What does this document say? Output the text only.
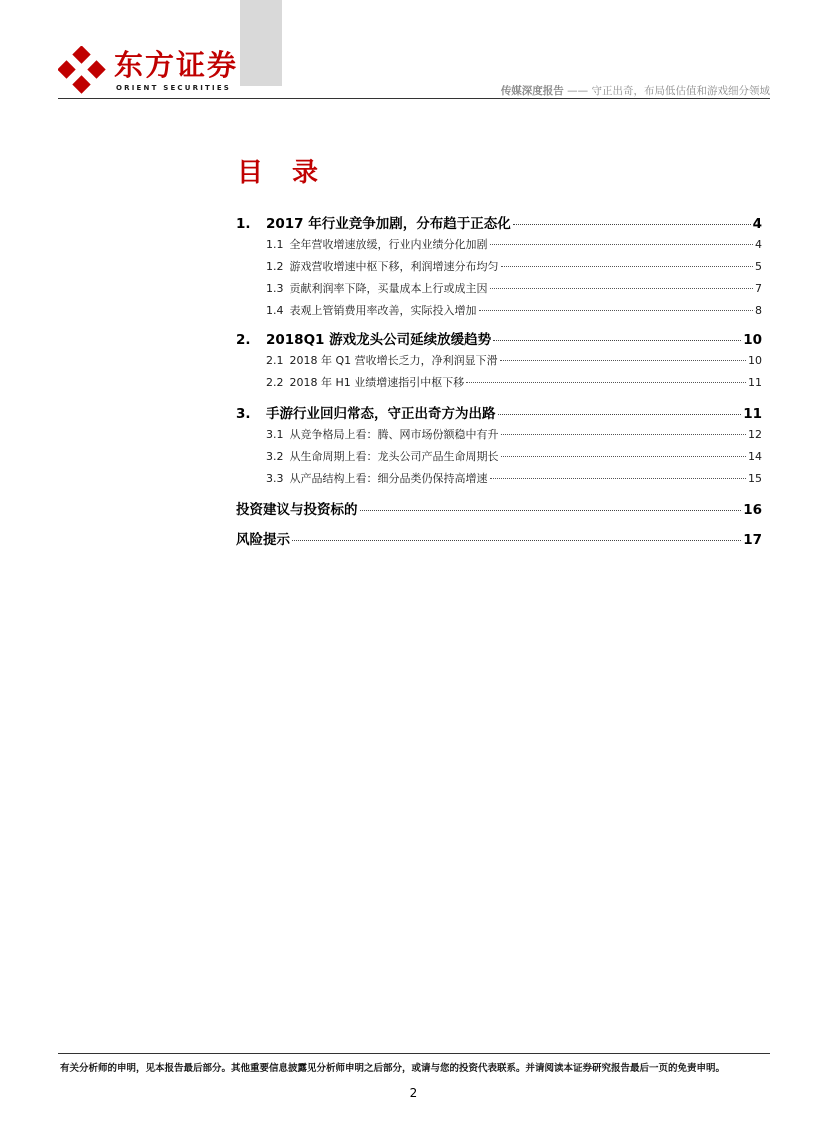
东方证券
ORIENT SECURITIES	传媒深度报告 —— 守正出奇，布局低估值和游戏细分领域
目 录
1.	2017 年行业竞争加剧，分布趋于正态化	4
1.1 全年营收增速放缓，行业内业绩分化加剧	4
1.2 游戏营收增速中枢下移，利润增速分布均匀	5
1.3 贡献利润率下降，买量成本上行或成主因	7
1.4 表观上管销费用率改善，实际投入增加	8
2.	2018Q1 游戏龙头公司延续放缓趋势	10
2.1 2018 年 Q1 营收增长乏力，净利润显下滑	10
2.2 2018 年 H1 业绩增速指引中枢下移	11
3.	手游行业回归常态，守正出奇方为出路	11
3.1 从竞争格局上看：腾、网市场份额稳中有升	12
3.2 从生命周期上看：龙头公司产品生命周期长	14
3.3 从产品结构上看：细分品类仍保持高增速	15
投资建议与投资标的	16
风险提示	17
有关分析师的申明，见本报告最后部分。其他重要信息披露见分析师申明之后部分，或请与您的投资代表联系。并请阅读本证券研究报告最后一页的免责申明。
2
